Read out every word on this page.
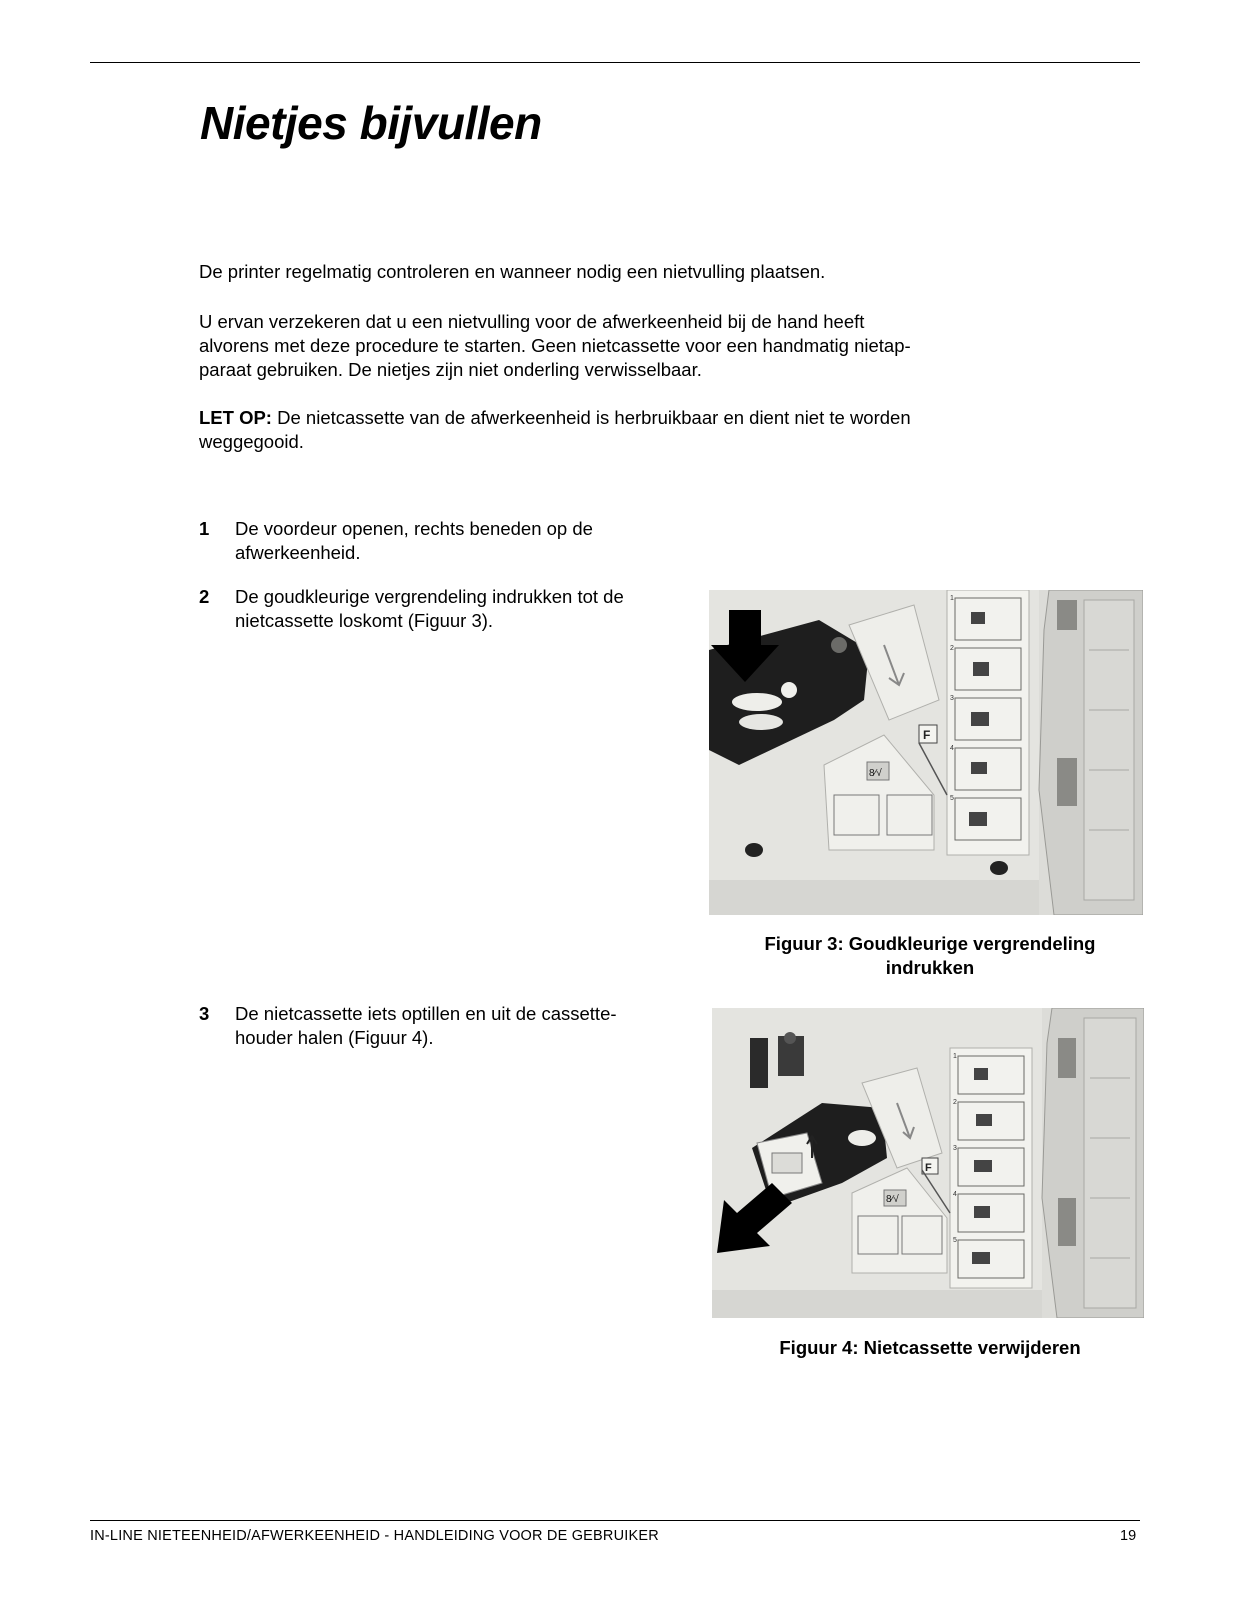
Nietjes bijvullen

De printer regelmatig controleren en wanneer nodig een nietvulling plaatsen.

U ervan verzekeren dat u een nietvulling voor de afwerkeenheid bij de hand heeft
alvorens met deze procedure te starten. Geen nietcassette voor een handmatig nietap-
paraat gebruiken. De nietjes zijn niet onderling verwisselbaar.

LET OP: De nietcassette van de afwerkeenheid is herbruikbaar en dient niet te worden
weggegooid.

1 De voordeur openen, rechts beneden op de
afwerkeenheid.
2 De goudkleurige vergrendeling indrukken tot de
nietcassette loskomt (Figuur 3).
3 De nietcassette iets optillen en uit de cassette-
houder halen (Figuur 4).
1
2
3
4
5
8∕√
F
Figuur 3: Goudkleurige vergrendeling
indrukken
1
2
3
4
5
8∕√
F
Figuur 4: Nietcassette verwijderen
IN-LINE NIETEENHEID/AFWERKEENHEID - HANDLEIDING VOOR DE GEBRUIKER	19
